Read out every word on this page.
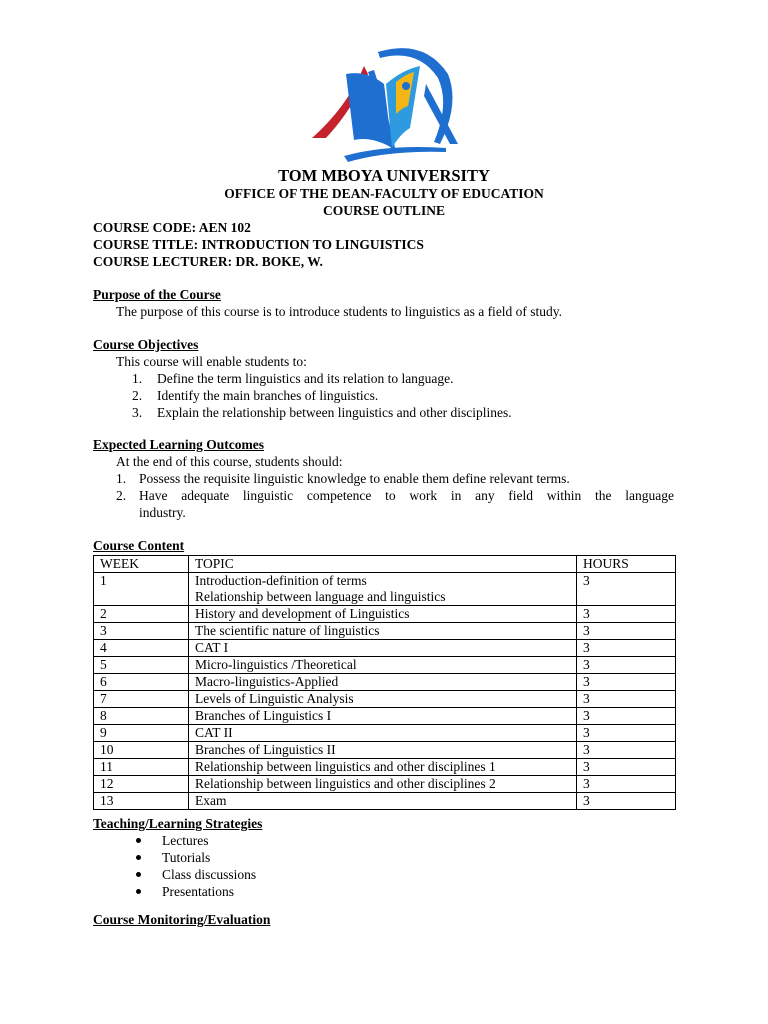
TOM MBOYA UNIVERSITY
OFFICE OF THE DEAN-FACULTY OF EDUCATION
COURSE OUTLINE
COURSE CODE: AEN 102
COURSE TITLE: INTRODUCTION TO LINGUISTICS
COURSE LECTURER: DR. BOKE, W.
Purpose of the Course
The purpose of this course is to introduce students to linguistics as a field of study.
Course Objectives
This course will enable students to:
1. Define the term linguistics and its relation to language.
2. Identify the main branches of linguistics.
3. Explain the relationship between linguistics and other disciplines.
Expected Learning Outcomes
At the end of this course, students should:
1. Possess the requisite linguistic knowledge to enable them define relevant terms.
2. Have adequate linguistic competence to work in any field within the language
industry.
Course Content
WEEK	TOPIC	HOURS
1	Introduction-definition of terms
Relationship between language and linguistics	3
2	History and development of Linguistics	3
3	The scientific nature of linguistics	3
4	CAT I	3
5	Micro-linguistics /Theoretical	3
6	Macro-linguistics-Applied	3
7	Levels of Linguistic Analysis	3
8	Branches of Linguistics I	3
9	CAT II	3
10	Branches of Linguistics II	3
11	Relationship between linguistics and other disciplines 1	3
12	Relationship between linguistics and other disciplines 2	3
13	Exam	3
Teaching/Learning Strategies
Lectures
Tutorials
Class discussions
Presentations
Course Monitoring/Evaluation
